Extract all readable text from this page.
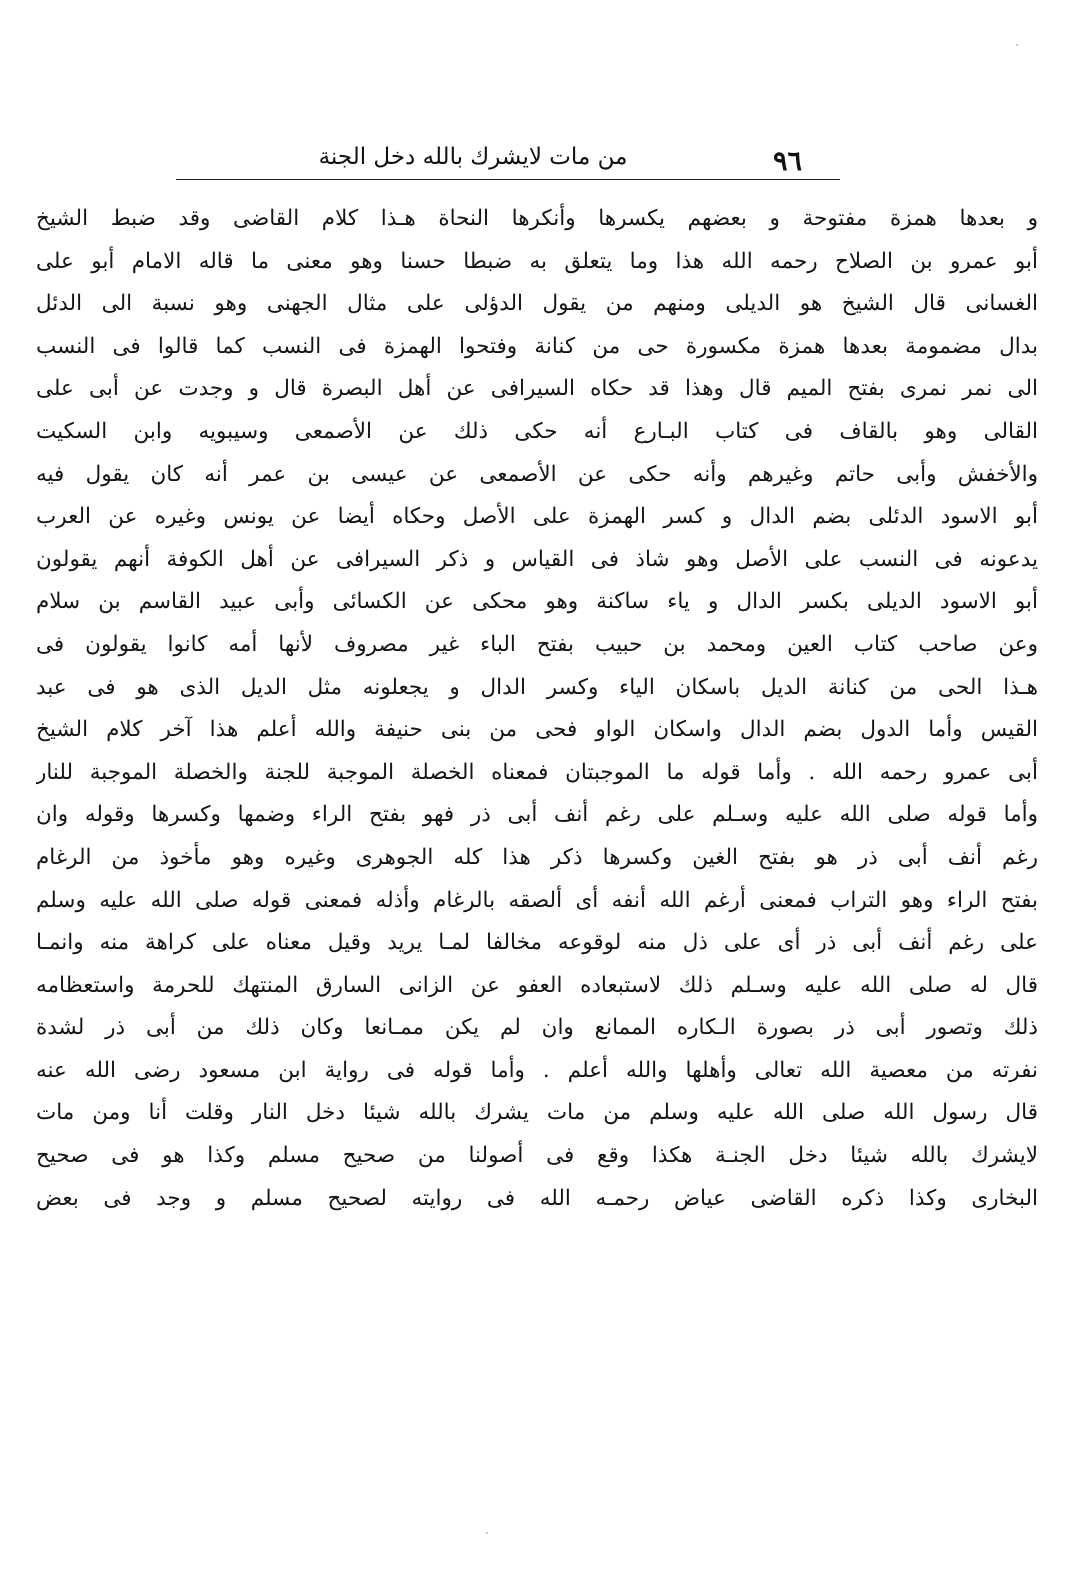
٩٦
من مات لايشرك بالله دخل الجنة
و بعدها همزة مفتوحة و بعضهم يكسرها وأنكرها النحاة هـذا كلام القاضى وقد ضبط الشيخ
أبو عمرو بن الصلاح رحمه الله هذا وما يتعلق به ضبطا حسنا وهو معنى ما قاله الامام أبو على
الغسانى قال الشيخ هو الديلى ومنهم من يقول الدؤلى على مثال الجهنى وهو نسبة الى الدئل
بدال مضمومة بعدها همزة مكسورة حى من كنانة وفتحوا الهمزة فى النسب كما قالوا فى النسب
الى نمر نمرى بفتح الميم قال وهذا قد حكاه السيرافى عن أهل البصرة قال و وجدت عن أبى على
القالى وهو بالقاف فى كتاب البـارع أنه حكى ذلك عن الأصمعى وسيبويه وابن السكيت
والأخفش وأبى حاتم وغيرهم وأنه حكى عن الأصمعى عن عيسى بن عمر أنه كان يقول فيه
أبو الاسود الدئلى بضم الدال و كسر الهمزة على الأصل وحكاه أيضا عن يونس وغيره عن العرب
يدعونه فى النسب على الأصل وهو شاذ فى القياس و ذكر السيرافى عن أهل الكوفة أنهم يقولون
أبو الاسود الديلى بكسر الدال و ياء ساكنة وهو محكى عن الكسائى وأبى عبيد القاسم بن سلام
وعن صاحب كتاب العين ومحمد بن حبيب بفتح الباء غير مصروف لأنها أمه كانوا يقولون فى
هـذا الحى من كنانة الديل باسكان الياء وكسر الدال و يجعلونه مثل الديل الذى هو فى عبد
القيس وأما الدول بضم الدال واسكان الواو فحى من بنى حنيفة والله أعلم هذا آخر كلام الشيخ
أبى عمرو رحمه الله . وأما قوله ما الموجبتان فمعناه الخصلة الموجبة للجنة والخصلة الموجبة للنار
وأما قوله صلى الله عليه وسـلم على رغم أنف أبى ذر فهو بفتح الراء وضمها وكسرها وقوله وان
رغم أنف أبى ذر هو بفتح الغين وكسرها ذكر هذا كله الجوهرى وغيره وهو مأخوذ من الرغام
بفتح الراء وهو التراب فمعنى أرغم الله أنفه أى ألصقه بالرغام وأذله فمعنى قوله صلى الله عليه وسلم
على رغم أنف أبى ذر أى على ذل منه لوقوعه مخالفا لمـا يريد وقيل معناه على كراهة منه وانمـا
قال له صلى الله عليه وسـلم ذلك لاستبعاده العفو عن الزانى السارق المنتهك للحرمة واستعظامه
ذلك وتصور أبى ذر بصورة الـكاره الممانع وان لم يكن ممـانعا وكان ذلك من أبى ذر لشدة
نفرته من معصية الله تعالى وأهلها والله أعلم . وأما قوله فى رواية ابن مسعود رضى الله عنه
قال رسول الله صلى الله عليه وسلم من مات يشرك بالله شيئا دخل النار وقلت أنا ومن مات
لايشرك بالله شيئا دخل الجنـة هكذا وقع فى أصولنا من صحيح مسلم وكذا هو فى صحيح
البخارى وكذا ذكره القاضى عياض رحمـه الله فى روايته لصحيح مسلم و وجد فى بعض
